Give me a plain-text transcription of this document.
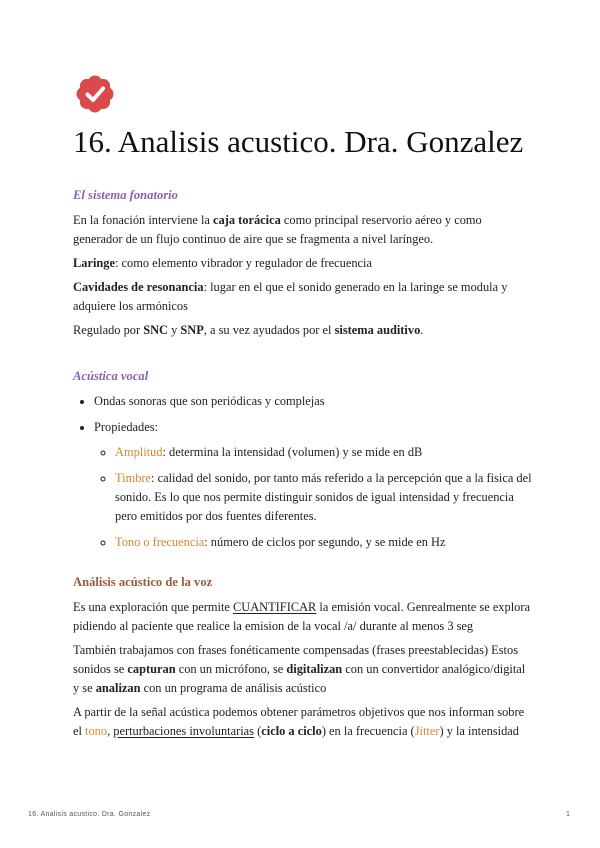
16. Analisis acustico. Dra. Gonzalez
El sistema fonatorio

En la fonación interviene la caja torácica como principal reservorio aéreo y como generador de un flujo continuo de aire que se fragmenta a nivel laríngeo.

Laringe: como elemento vibrador y regulador de frecuencia

Cavidades de resonancia: lugar en el que el sonido generado en la laringe se modula y adquiere los armónicos

Regulado por SNC y SNP, a su vez ayudados por el sistema auditivo.

Acústica vocal
• Ondas sonoras que son periódicas y complejas
• Propiedades:
◦ Amplitud: determina la intensidad (volumen) y se mide en dB
◦ Timbre: calidad del sonido, por tanto más referido a la percepción que a la fisica del sonido. Es lo que nos permite distinguir sonidos de igual intensidad y frecuencia pero emitidos por dos fuentes diferentes.
◦ Tono o frecuencia: número de ciclos por segundo, y se mide en Hz
Análisis acústico de la voz

Es una exploración que permite CUANTIFICAR la emisión vocal. Genrealmente se explora pidiendo al paciente que realice la emision de la vocal /a/ durante al menos 3 seg

También trabajamos con frases fonéticamente compensadas (frases preestablecidas) Estos sonidos se capturan con un micrófono, se digitalizan con un convertidor analógico/digital y se analizan con un programa de análisis acústico

A partir de la señal acústica podemos obtener parámetros objetivos que nos informan sobre el tono, perturbaciones involuntarias (ciclo a ciclo) en la frecuencia (Jitter) y la intensidad

16. Analisis acustico. Dra. Gonzalez	1
